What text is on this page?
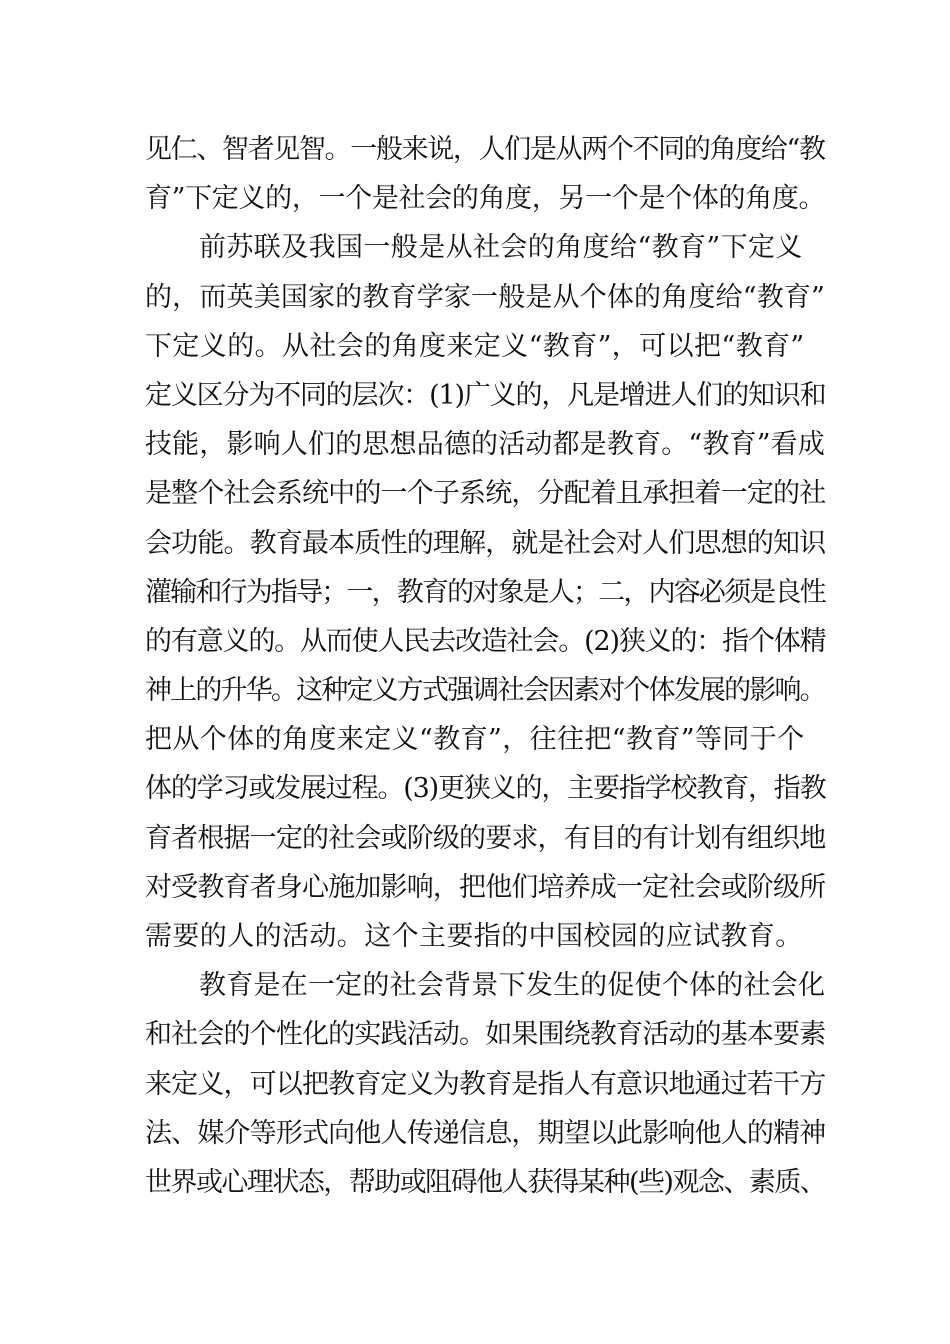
见仁、智者见智。一般来说，人们是从两个不同的角度给“教
育”下定义的，一个是社会的角度，另一个是个体的角度。
前苏联及我国一般是从社会的角度给“教育”下定义
的，而英美国家的教育学家一般是从个体的角度给“教育”
下定义的。从社会的角度来定义“教育”，可以把“教育”
定义区分为不同的层次：(1)广义的，凡是增进人们的知识和
技能，影响人们的思想品德的活动都是教育。“教育”看成
是整个社会系统中的一个子系统，分配着且承担着一定的社
会功能。教育最本质性的理解，就是社会对人们思想的知识
灌输和行为指导；一，教育的对象是人；二，内容必须是良性
的有意义的。从而使人民去改造社会。(2)狭义的：指个体精
神上的升华。这种定义方式强调社会因素对个体发展的影响。
把从个体的角度来定义“教育”，往往把“教育”等同于个
体的学习或发展过程。(3)更狭义的，主要指学校教育，指教
育者根据一定的社会或阶级的要求，有目的有计划有组织地
对受教育者身心施加影响，把他们培养成一定社会或阶级所
需要的人的活动。这个主要指的中国校园的应试教育。
教育是在一定的社会背景下发生的促使个体的社会化
和社会的个性化的实践活动。如果围绕教育活动的基本要素
来定义，可以把教育定义为教育是指人有意识地通过若干方
法、媒介等形式向他人传递信息，期望以此影响他人的精神
世界或心理状态，帮助或阻碍他人获得某种(些)观念、素质、
